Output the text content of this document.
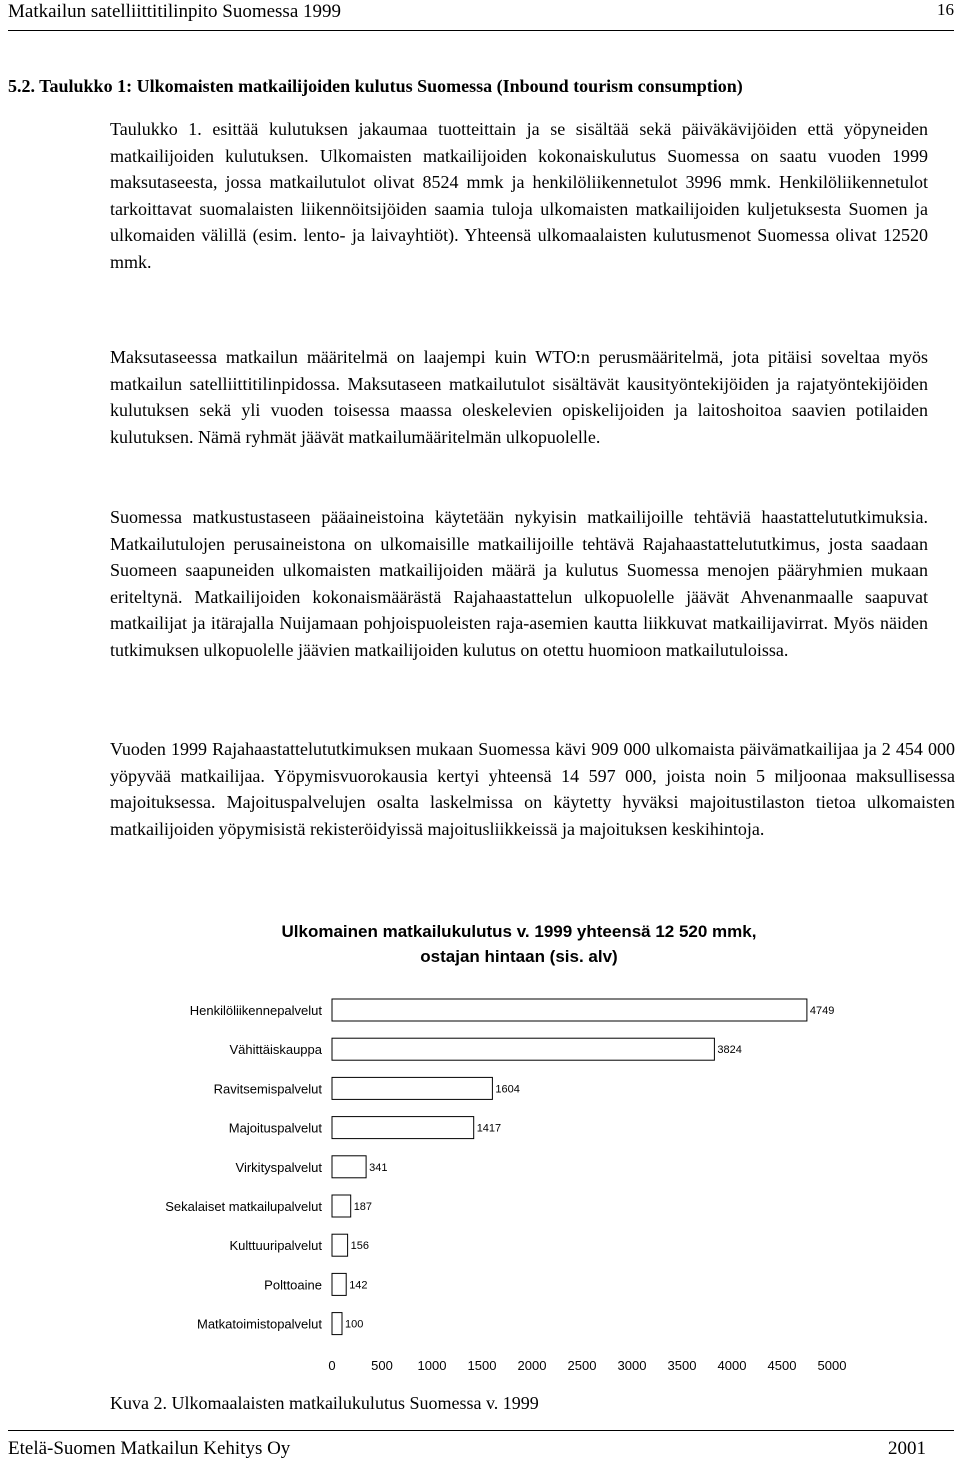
Matkailun satelliittitilinpito Suomessa 1999	16
5.2. Taulukko 1: Ulkomaisten matkailijoiden kulutus Suomessa (Inbound tourism consumption)

Taulukko 1. esittää kulutuksen jakaumaa tuotteittain ja se sisältää sekä päiväkävijöiden että yöpyneiden matkailijoiden kulutuksen. Ulkomaisten matkailijoiden kokonaiskulutus Suomessa on saatu vuoden 1999 maksutaseesta, jossa matkailutulot olivat 8524 mmk ja henkilöliikennetulot 3996 mmk. Henkilöliikennetulot tarkoittavat suomalaisten liikennöitsijöiden saamia tuloja ulkomaisten matkailijoiden kuljetuksesta Suomen ja ulkomaiden välillä (esim. lento- ja laivayhtiöt). Yhteensä ulkomaalaisten kulutusmenot Suomessa olivat 12520 mmk.

Maksutaseessa matkailun määritelmä on laajempi kuin WTO:n perusmääritelmä, jota pitäisi soveltaa myös matkailun satelliittitilinpidossa. Maksutaseen matkailutulot sisältävät kausityöntekijöiden ja rajatyöntekijöiden kulutuksen sekä yli vuoden toisessa maassa oleskelevien opiskelijoiden ja laitoshoitoa saavien potilaiden kulutuksen. Nämä ryhmät jäävät matkailumääritelmän ulkopuolelle.

Suomessa matkustustaseen pääaineistoina käytetään nykyisin matkailijoille tehtäviä haastattelututkimuksia. Matkailutulojen perusaineistona on ulkomaisille matkailijoille tehtävä Rajahaastattelututkimus, josta saadaan Suomeen saapuneiden ulkomaisten matkailijoiden määrä ja kulutus Suomessa menojen pääryhmien mukaan eriteltynä. Matkailijoiden kokonaismäärästä Rajahaastattelun ulkopuolelle jäävät Ahvenanmaalle saapuvat matkailijat ja itärajalla Nuijamaan pohjoispuoleisten raja-asemien kautta liikkuvat matkailijavirrat. Myös näiden tutkimuksen ulkopuolelle jäävien matkailijoiden kulutus on otettu huomioon matkailutuloissa.

Vuoden 1999 Rajahaastattelututkimuksen mukaan Suomessa kävi 909 000 ulkomaista päivämatkailijaa ja 2 454 000 yöpyvää matkailijaa. Yöpymisvuorokausia kertyi yhteensä 14 597 000, joista noin 5 miljoonaa maksullisessa majoituksessa. Majoituspalvelujen osalta laskelmissa on käytetty hyväksi majoitustilaston tietoa ulkomaisten matkailijoiden yöpymisistä rekisteröidyissä majoitusliikkeissä ja majoituksen keskihintoja.

Ulkomainen matkailukulutus v. 1999 yhteensä 12 520 mmk,
ostajan hintaan (sis. alv)
Henkilöliikennepalvelut	4749
Vähittäiskauppa	3824
Ravitsemispalvelut	1604
Majoituspalvelut	1417
Virkityspalvelut	341
Sekalaiset matkailupalvelut	187
Kulttuuripalvelut	156
Polttoaine 142
Matkatoimistopalvelut 100
0	500 1000 1500 2000 2500 3000 3500 4000 4500 5000
Kuva 2. Ulkomaalaisten matkailukulutus Suomessa v. 1999
Etelä-Suomen Matkailun Kehitys Oy	2001
